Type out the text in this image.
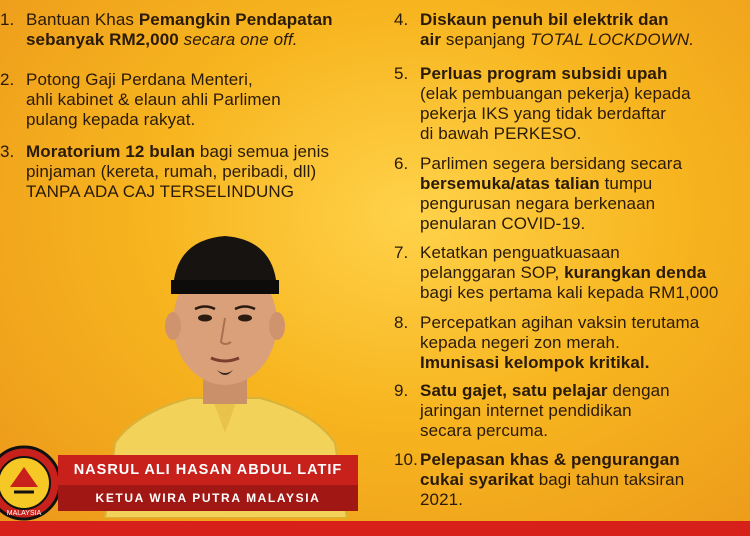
1. Bantuan Khas Pemangkin Pendapatan
sebanyak RM2,000 secara one off.
2. Potong Gaji Perdana Menteri,
ahli kabinet & elaun ahli Parlimen
pulang kepada rakyat.
3. Moratorium 12 bulan bagi semua jenis
pinjaman (kereta, rumah, peribadi, dll)
TANPA ADA CAJ TERSELINDUNG
4. Diskaun penuh bil elektrik dan
air sepanjang TOTAL LOCKDOWN.
5. Perluas program subsidi upah
(elak pembuangan pekerja) kepada
pekerja IKS yang tidak berdaftar
di bawah PERKESO.
6. Parlimen segera bersidang secara
bersemuka/atas talian tumpu
pengurusan negara berkenaan
penularan COVID-19.
7. Ketatkan penguatkuasaan
pelanggaran SOP, kurangkan denda
bagi kes pertama kali kepada RM1,000
8. Percepatkan agihan vaksin terutama
kepada negeri zon merah.
Imunisasi kelompok kritikal.
9. Satu gajet, satu pelajar dengan
jaringan internet pendidikan
secara percuma.
10. Pelepasan khas & pengurangan
cukai syarikat bagi tahun taksiran
2021.
MALAYSIA
NASRUL ALI HASAN ABDUL LATIF
KETUA WIRA PUTRA MALAYSIA
